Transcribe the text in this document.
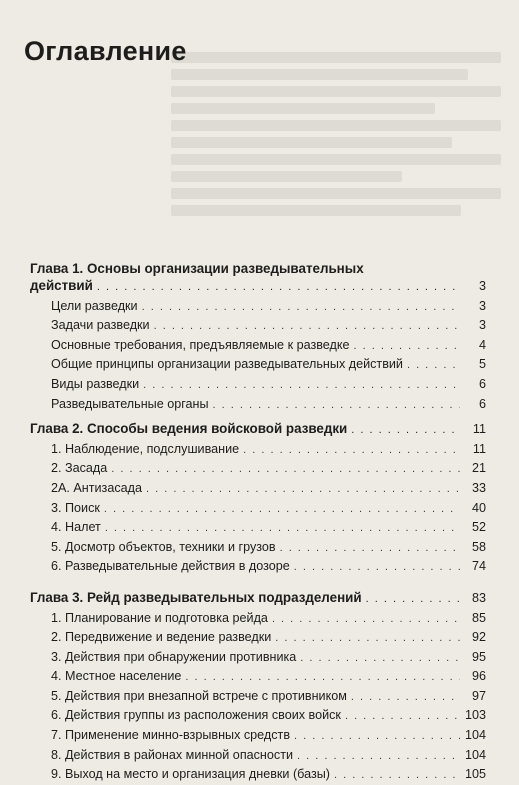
Оглавление
Глава 1. Основы организации разведывательных
действий . . .	3
Цели разведки . . .	3
Задачи разведки . . .	3
Основные требования, предъявляемые к разведке . . .	4
Общие принципы организации разведывательных действий . . .	5
Виды разведки . . .	6
Разведывательные органы . . .	6
Глава 2. Способы ведения войсковой разведки . . .	11
1. Наблюдение, подслушивание . . .	11
2. Засада . . .	21
2А. Антизасада . . .	33
3. Поиск . . .	40
4. Налет . . .	52
5. Досмотр объектов, техники и грузов . . .	58
6. Разведывательные действия в дозоре . . .	74
Глава 3. Рейд разведывательных подразделений . . .	83
1. Планирование и подготовка рейда . . .	85
2. Передвижение и ведение разведки . . .	92
3. Действия при обнаружении противника . . .	95
4. Местное население . . .	96
5. Действия при внезапной встрече с противником . . .	97
6. Действия группы из расположения своих войск . . .	103
7. Применение минно-взрывных средств . . .	104
8. Действия в районах минной опасности . . .	104
9. Выход на место и организация дневки (базы) . . .	105
